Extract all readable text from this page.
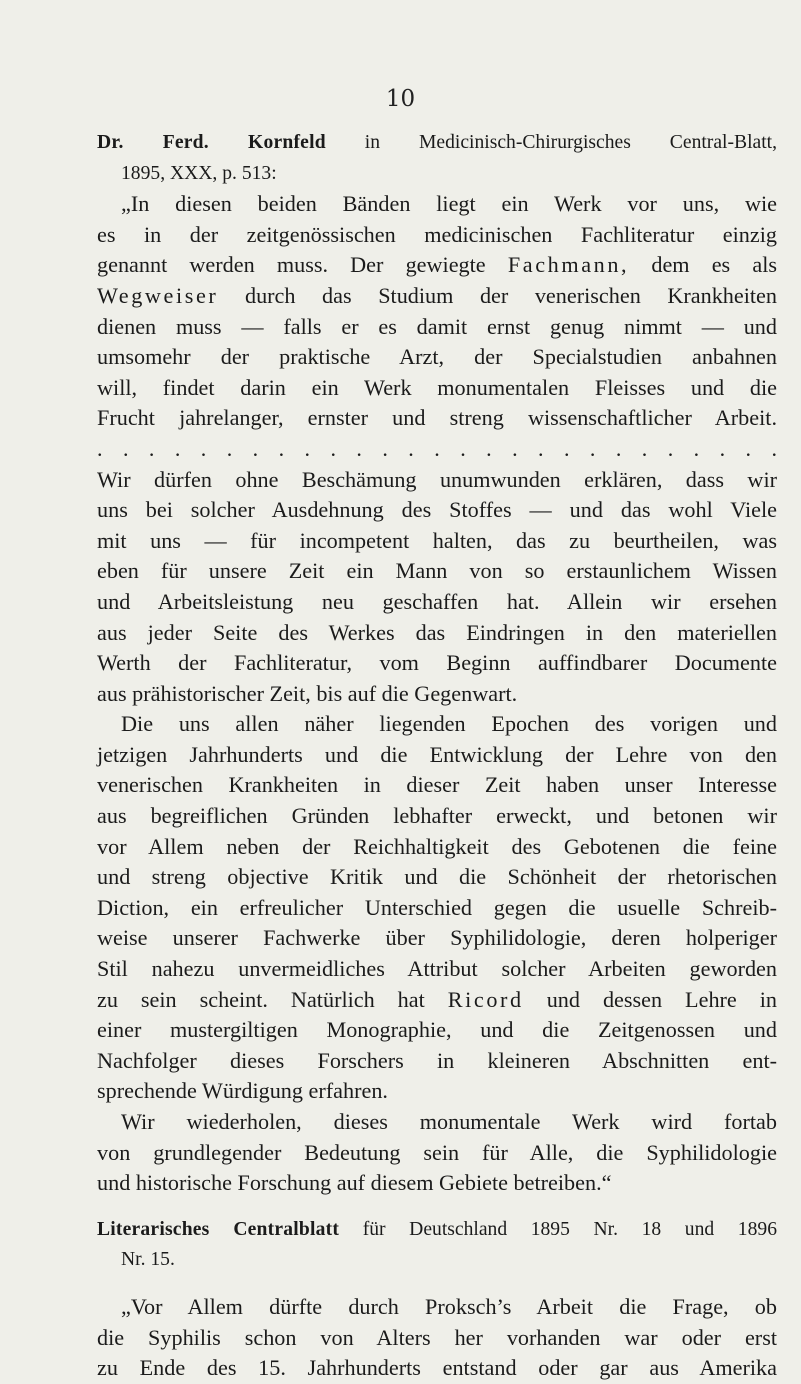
10
Dr. Ferd. Kornfeld in Medicinisch-Chirurgisches Central-Blatt,
1895, XXX, p. 513:
„In diesen beiden Bänden liegt ein Werk vor uns, wie
es in der zeitgenössischen medicinischen Fachliteratur einzig
genannt werden muss. Der gewiegte Fachmann, dem es als
Wegweiser durch das Studium der venerischen Krankheiten
dienen muss — falls er es damit ernst genug nimmt — und
umsomehr der praktische Arzt, der Specialstudien anbahnen
will, findet darin ein Werk monumentalen Fleisses und die
Frucht jahrelanger, ernster und streng wissenschaftlicher Arbeit.
. . . . . . . . . . . . . . . . . . . . . . . . . . .
Wir dürfen ohne Beschämung unumwunden erklären, dass wir
uns bei solcher Ausdehnung des Stoffes — und das wohl Viele
mit uns — für incompetent halten, das zu beurtheilen, was
eben für unsere Zeit ein Mann von so erstaunlichem Wissen
und Arbeitsleistung neu geschaffen hat. Allein wir ersehen
aus jeder Seite des Werkes das Eindringen in den materiellen
Werth der Fachliteratur, vom Beginn auffindbarer Documente
aus prähistorischer Zeit, bis auf die Gegenwart.
Die uns allen näher liegenden Epochen des vorigen und
jetzigen Jahrhunderts und die Entwicklung der Lehre von den
venerischen Krankheiten in dieser Zeit haben unser Interesse
aus begreiflichen Gründen lebhafter erweckt, und betonen wir
vor Allem neben der Reichhaltigkeit des Gebotenen die feine
und streng objective Kritik und die Schönheit der rhetorischen
Diction, ein erfreulicher Unterschied gegen die usuelle Schreib-
weise unserer Fachwerke über Syphilidologie, deren holperiger
Stil nahezu unvermeidliches Attribut solcher Arbeiten geworden
zu sein scheint. Natürlich hat Ricord und dessen Lehre in
einer mustergiltigen Monographie, und die Zeitgenossen und
Nachfolger dieses Forschers in kleineren Abschnitten ent-
sprechende Würdigung erfahren.
Wir wiederholen, dieses monumentale Werk wird fortab
von grundlegender Bedeutung sein für Alle, die Syphilidologie
und historische Forschung auf diesem Gebiete betreiben.“
Literarisches Centralblatt für Deutschland 1895 Nr. 18 und 1896
Nr. 15.
„Vor Allem dürfte durch Proksch’s Arbeit die Frage, ob
die Syphilis schon von Alters her vorhanden war oder erst
zu Ende des 15. Jahrhunderts entstand oder gar aus Amerika
